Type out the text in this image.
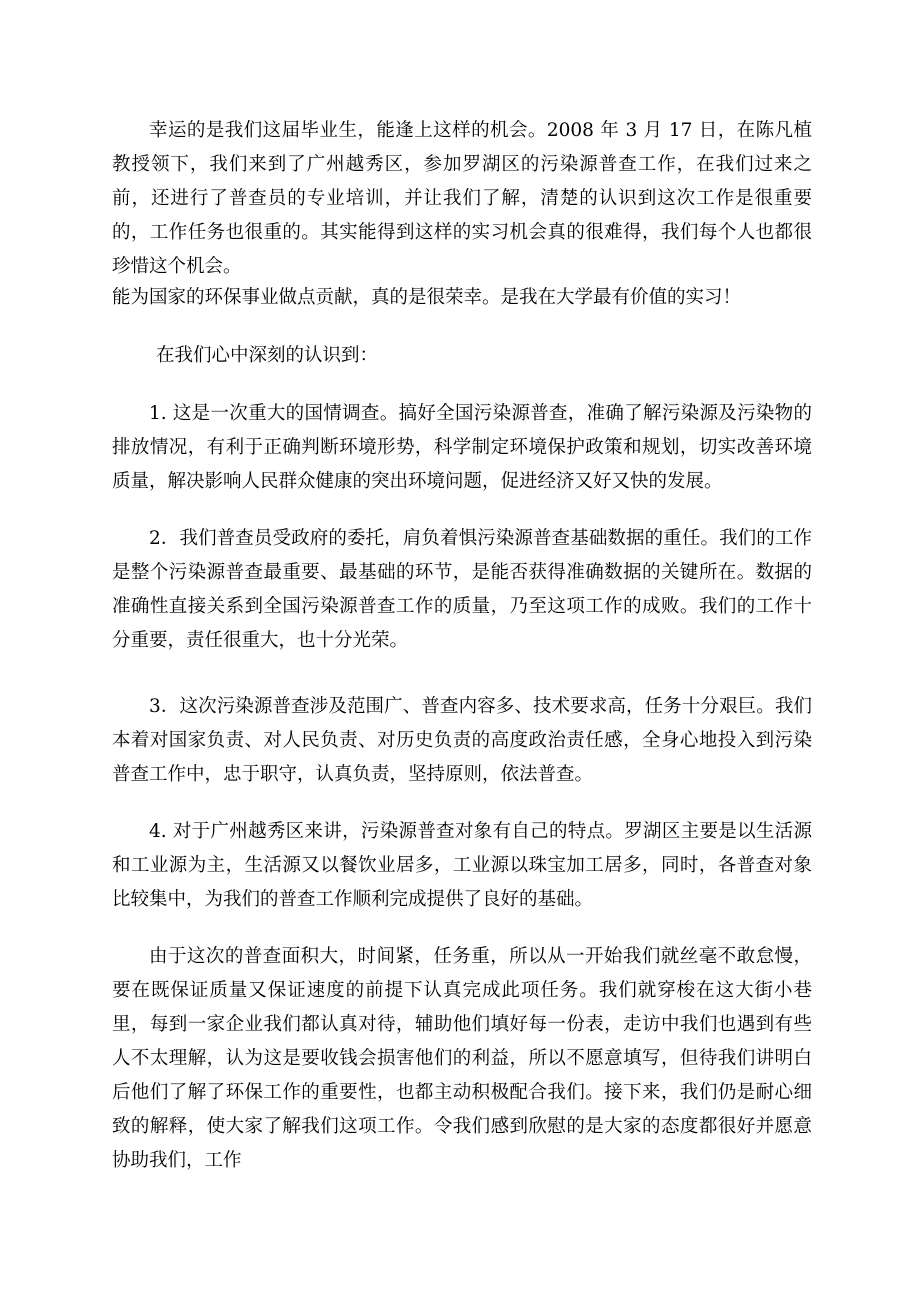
幸运的是我们这届毕业生，能逢上这样的机会。2008 年 3 月 17 日，在陈凡植教授领下，我们来到了广州越秀区，参加罗湖区的污染源普查工作，在我们过来之前，还进行了普查员的专业培训，并让我们了解，清楚的认识到这次工作是很重要的，工作任务也很重的。其实能得到这样的实习机会真的很难得，我们每个人也都很珍惜这个机会。

能为国家的环保事业做点贡献，真的是很荣幸。是我在大学最有价值的实习！

在我们心中深刻的认识到：

1. 这是一次重大的国情调查。搞好全国污染源普查，准确了解污染源及污染物的排放情况，有利于正确判断环境形势，科学制定环境保护政策和规划，切实改善环境质量，解决影响人民群众健康的突出环境问题，促进经济又好又快的发展。

2．我们普查员受政府的委托，肩负着惧污染源普查基础数据的重任。我们的工作是整个污染源普查最重要、最基础的环节，是能否获得准确数据的关键所在。数据的准确性直接关系到全国污染源普查工作的质量，乃至这项工作的成败。我们的工作十分重要，责任很重大，也十分光荣。

3．这次污染源普查涉及范围广、普查内容多、技术要求高，任务十分艰巨。我们本着对国家负责、对人民负责、对历史负责的高度政治责任感，全身心地投入到污染普查工作中，忠于职守，认真负责，坚持原则，依法普查。

4. 对于广州越秀区来讲，污染源普查对象有自己的特点。罗湖区主要是以生活源和工业源为主，生活源又以餐饮业居多，工业源以珠宝加工居多，同时，各普查对象比较集中，为我们的普查工作顺利完成提供了良好的基础。

由于这次的普查面积大，时间紧，任务重，所以从一开始我们就丝毫不敢怠慢，要在既保证质量又保证速度的前提下认真完成此项任务。我们就穿梭在这大街小巷里，每到一家企业我们都认真对待，辅助他们填好每一份表，走访中我们也遇到有些人不太理解，认为这是要收钱会损害他们的利益，所以不愿意填写，但待我们讲明白后他们了解了环保工作的重要性，也都主动积极配合我们。接下来，我们仍是耐心细致的解释，使大家了解我们这项工作。令我们感到欣慰的是大家的态度都很好并愿意协助我们，工作
